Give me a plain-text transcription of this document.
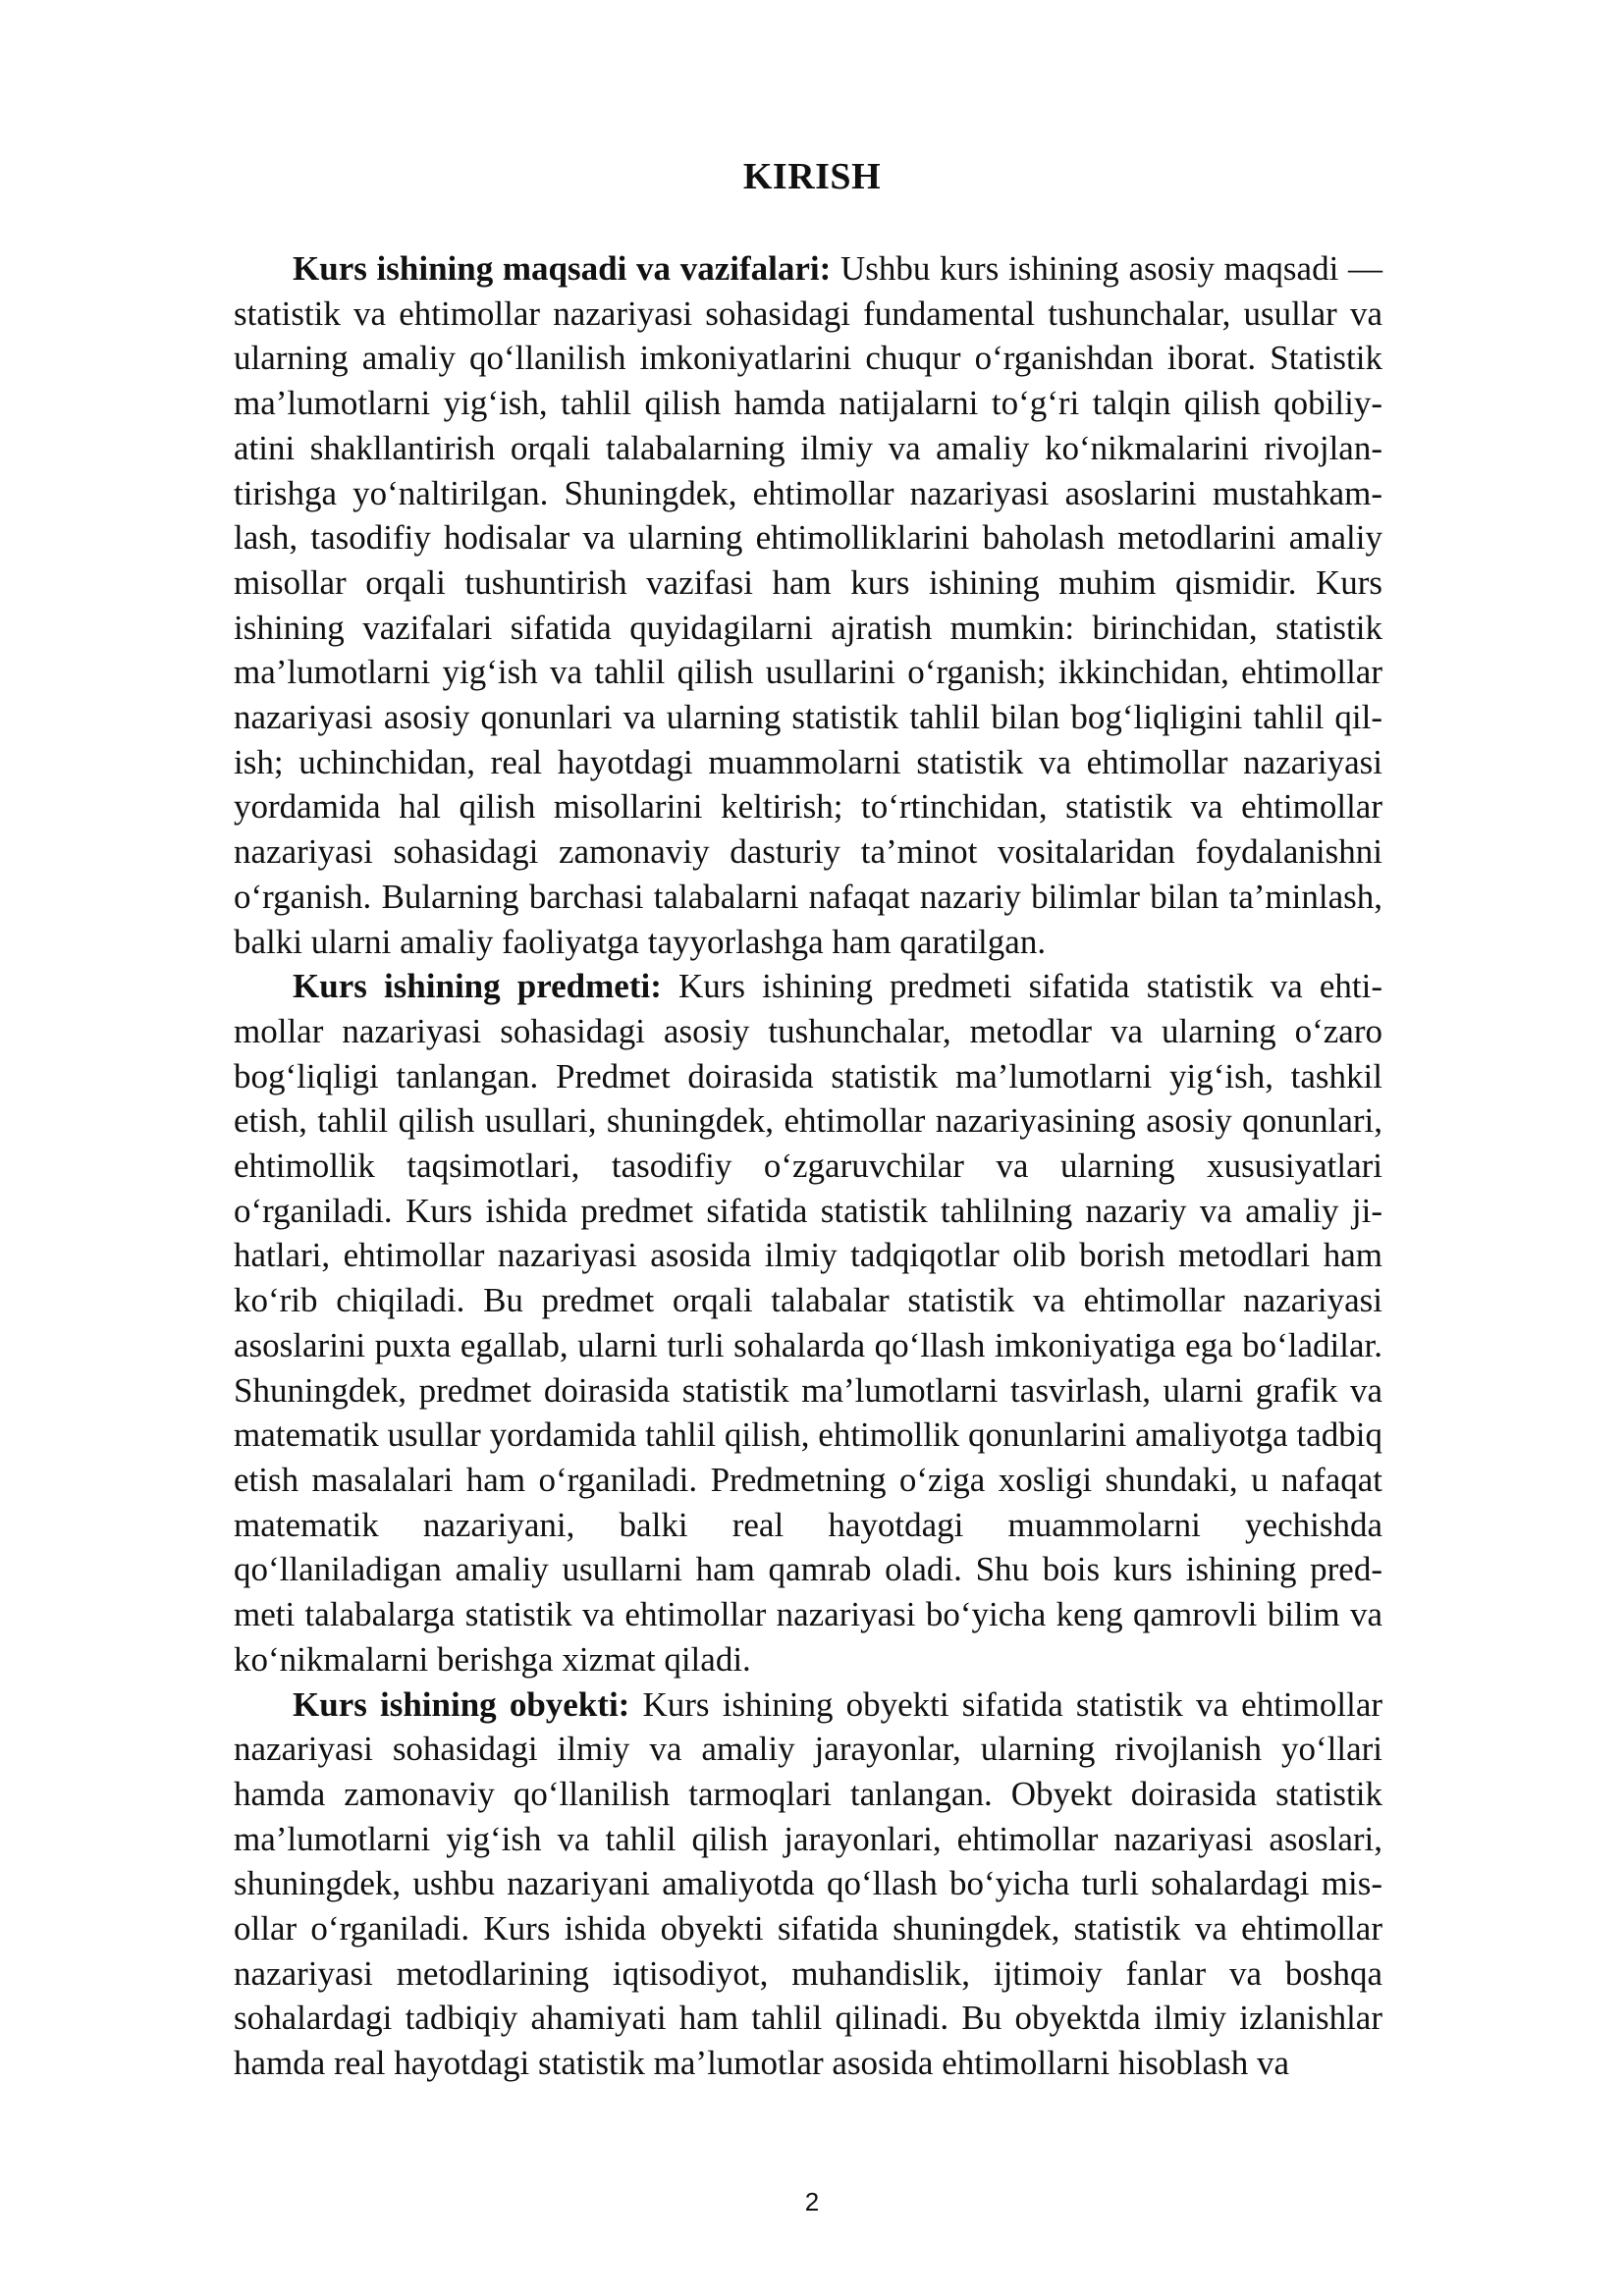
KIRISH

Kurs ishining maqsadi va vazifalari: Ushbu kurs ishining asosiy maqsadi — statistik va ehtimollar nazariyasi sohasidagi fundamental tushunchalar, usullar va ularning amaliy qo‘llanilish imkoniyatlarini chuqur o‘rganishdan iborat. Statistik ma’lumotlarni yig‘ish, tahlil qilish hamda natijalarni to‘g‘ri talqin qilish qobiliyatini shakllantirish orqali talabalarning ilmiy va amaliy ko‘nikmalarini rivojlantirishga yo‘naltirilgan. Shuningdek, ehtimollar nazariyasi asoslarini mustahkamlash, tasodifiy hodisalar va ularning ehtimolliklarini baholash metodlarini amaliy misollar orqali tushuntirish vazifasi ham kurs ishining muhim qismidir. Kurs ishining vazifalari sifatida quyidagilarni ajratish mumkin: birinchidan, statistik ma’lumotlarni yig‘ish va tahlil qilish usullarini o‘rganish; ikkinchidan, ehtimollar nazariyasi asosiy qonunlari va ularning statistik tahlil bilan bog‘liqligini tahlil qilish; uchinchidan, real hayotdagi muammolarni statistik va ehtimollar nazariyasi yordamida hal qilish misollarini keltirish; to‘rtinchidan, statistik va ehtimollar nazariyasi sohasidagi zamonaviy dasturiy ta’minot vositalaridan foydalanishni o‘rganish. Bularning barchasi talabalarni nafaqat nazariy bilimlar bilan ta’minlash, balki ularni amaliy faoliyatga tayyorlashga ham qaratilgan.

Kurs ishining predmeti: Kurs ishining predmeti sifatida statistik va ehtimollar nazariyasi sohasidagi asosiy tushunchalar, metodlar va ularning o‘zaro bog‘liqligi tanlangan. Predmet doirasida statistik ma’lumotlarni yig‘ish, tashkil etish, tahlil qilish usullari, shuningdek, ehtimollar nazariyasining asosiy qonunlari, ehtimollik taqsimotlari, tasodifiy o‘zgaruvchilar va ularning xususiyatlari o‘rganiladi. Kurs ishida predmet sifatida statistik tahlilning nazariy va amaliy jihatlari, ehtimollar nazariyasi asosida ilmiy tadqiqotlar olib borish metodlari ham ko‘rib chiqiladi. Bu predmet orqali talabalar statistik va ehtimollar nazariyasi asoslarini puxta egallab, ularni turli sohalarda qo‘llash imkoniyatiga ega bo‘ladilar. Shuningdek, predmet doirasida statistik ma’lumotlarni tasvirlash, ularni grafik va matematik usullar yordamida tahlil qilish, ehtimollik qonunlarini amaliyotga tadbiq etish masalalari ham o‘rganiladi. Predmetning o‘ziga xosligi shundaki, u nafaqat matematik nazariyani, balki real hayotdagi muammolarni yechishda qo‘llaniladigan amaliy usullarni ham qamrab oladi. Shu bois kurs ishining predmeti talabalarga statistik va ehtimollar nazariyasi bo‘yicha keng qamrovli bilim va ko‘nikmalarni berishga xizmat qiladi.

Kurs ishining obyekti: Kurs ishining obyekti sifatida statistik va ehtimollar nazariyasi sohasidagi ilmiy va amaliy jarayonlar, ularning rivojlanish yo‘llari hamda zamonaviy qo‘llanilish tarmoqlari tanlangan. Obyekt doirasida statistik ma’lumotlarni yig‘ish va tahlil qilish jarayonlari, ehtimollar nazariyasi asoslari, shuningdek, ushbu nazariyani amaliyotda qo‘llash bo‘yicha turli sohalardagi misollar o‘rganiladi. Kurs ishida obyekti sifatida shuningdek, statistik va ehtimollar nazariyasi metodlarining iqtisodiyot, muhandislik, ijtimoiy fanlar va boshqa sohalardagi tadbiqiy ahamiyati ham tahlil qilinadi. Bu obyektda ilmiy izlanishlar hamda real hayotdagi statistik ma’lumotlar asosida ehtimollarni hisoblash va

2
